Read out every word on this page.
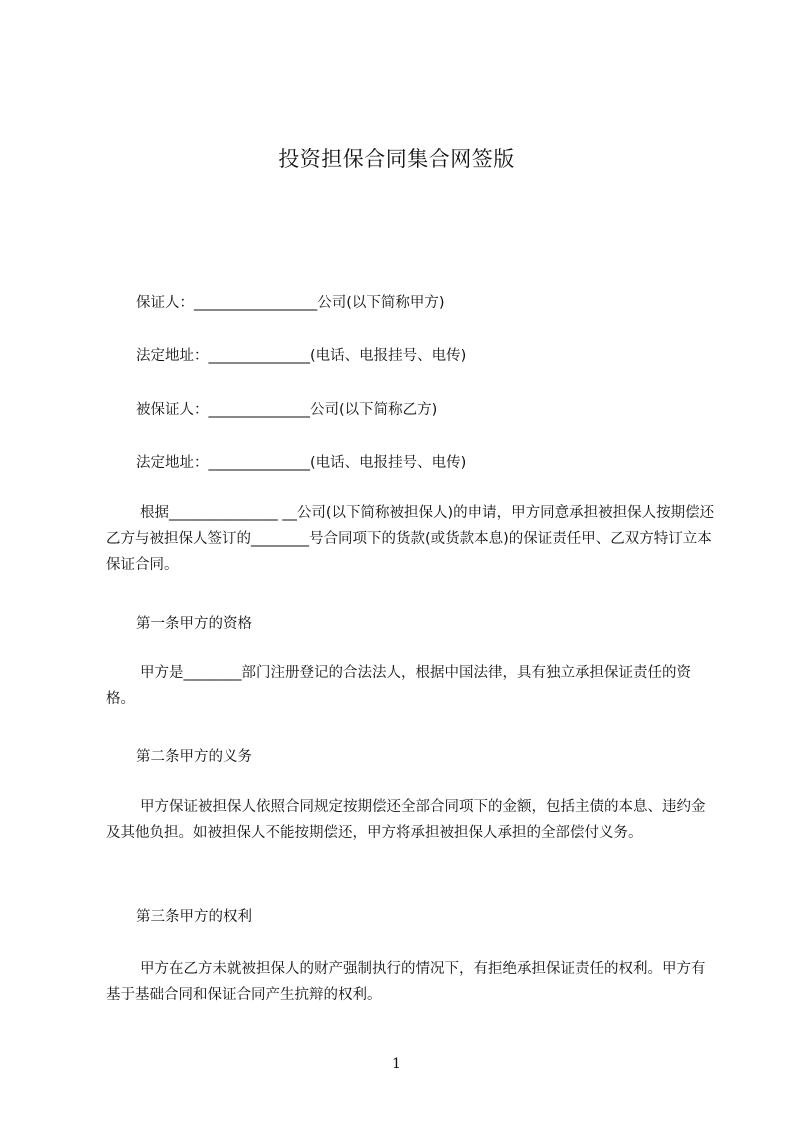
投资担保合同集合网签版

保证人：_________________公司(以下简称甲方)

法定地址：______________(电话、电报挂号、电传)

被保证人：______________公司(以下简称乙方)

法定地址：______________(电话、电报挂号、电传)

根据_______________ __公司(以下简称被担保人)的申请，甲方同意承担被担保人按期偿还乙方与被担保人签订的________号合同项下的货款(或货款本息)的保证责任甲、乙双方特订立本保证合同。

第一条甲方的资格

甲方是________部门注册登记的合法法人，根据中国法律，具有独立承担保证责任的资格。

第二条甲方的义务

甲方保证被担保人依照合同规定按期偿还全部合同项下的金额，包括主债的本息、违约金及其他负担。如被担保人不能按期偿还，甲方将承担被担保人承担的全部偿付义务。

第三条甲方的权利

甲方在乙方未就被担保人的财产强制执行的情况下，有拒绝承担保证责任的权利。甲方有基于基础合同和保证合同产生抗辩的权利。

1
